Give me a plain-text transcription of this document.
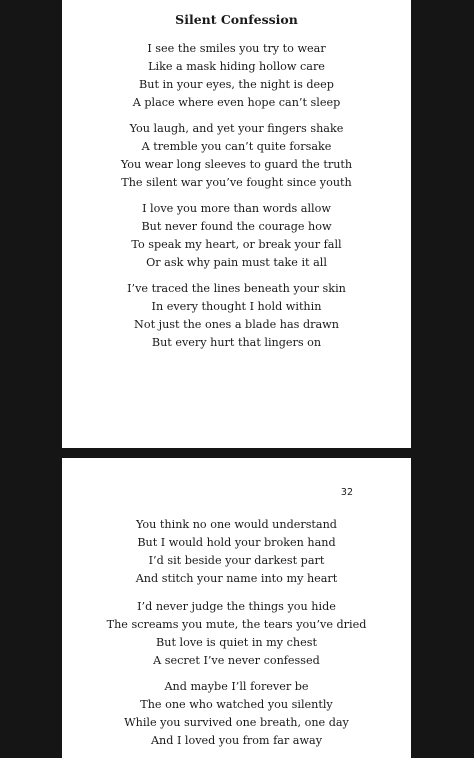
Silent Confession
I see the smiles you try to wear
Like a mask hiding hollow care
But in your eyes, the night is deep
A place where even hope can’t sleep
You laugh, and yet your fingers shake
A tremble you can’t quite forsake
You wear long sleeves to guard the truth
The silent war you’ve fought since youth
I love you more than words allow
But never found the courage how
To speak my heart, or break your fall
Or ask why pain must take it all
I’ve traced the lines beneath your skin
In every thought I hold within
Not just the ones a blade has drawn
But every hurt that lingers on
32
You think no one would understand
But I would hold your broken hand
I’d sit beside your darkest part
And stitch your name into my heart
I’d never judge the things you hide
The screams you mute, the tears you’ve dried
But love is quiet in my chest
A secret I’ve never confessed
And maybe I’ll forever be
The one who watched you silently
While you survived one breath, one day
And I loved you from far away
